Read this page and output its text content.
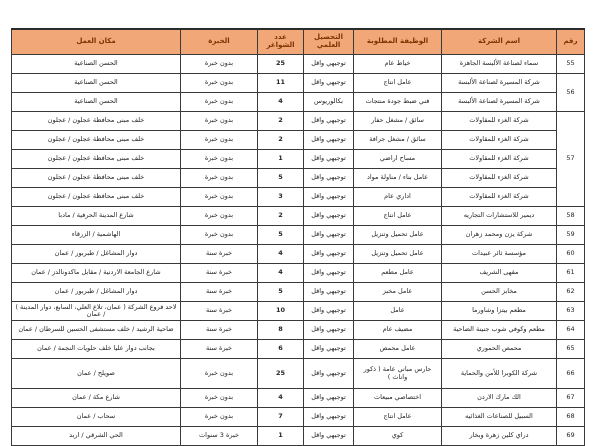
رقم	اسم الشركة	الوظيفة المطلوبة	التحصيل العلمي	عدد الشواغر	الخبرة	مكان العمل
55	سماء لصناعة الألبسة الجاهزة	خياط عام	توجيهي واقل	25	بدون خبرة	الحسن الصناعية
56	شركة المسيرة لصناعة الألبسة	عامل انتاج	توجيهي واقل	11	بدون خبرة	الحسن الصناعية
	شركة المسيرة لصناعة الألبسة	فني ضبط جودة منتجات	بكالوريوس	4	بدون خبرة	الحسن الصناعية
57	شركة الغزء للمقاولات	سائق / مشغل حفار	توجيهي واقل	2	بدون خبرة	خلف مبنى محافظة عجلون / عجلون
	شركة الغزء للمقاولات	سائق / مشغل جرافة	توجيهي واقل	2	بدون خبرة	خلف مبنى محافظة عجلون / عجلون
	شركة الغزء للمقاولات	مساح اراضي	توجيهي واقل	1	بدون خبرة	خلف مبنى محافظة عجلون / عجلون
	شركة الغزء للمقاولات	عامل بناء / مناولة مواد	توجيهي واقل	5	بدون خبرة	خلف مبنى محافظة عجلون / عجلون
	شركة الغزء للمقاولات	اداري عام	توجيهي واقل	3	بدون خبرة	خلف مبنى محافظة عجلون / عجلون
58	ديمير للاستشارات التجاريه	عامل انتاج	توجيهي واقل	2	بدون خبرة	شارع المدينة الحرفية / مادبا
59	شركة يزن ومحمد زهران	عامل تحميل وتنزيل	توجيهي واقل	5	بدون خبرة	الهاشمية / الزرقاء
60	مؤسسة ثائر عبيدات	عامل تحميل وتنزيل	توجيهي واقل	4	خبرة سنة	دوار المشاغل / طبربور / عمان
61	مقهى الشريف	عامل مطعم	توجيهي واقل	4	خبرة سنة	شارع الجامعة الاردنية / مقابل ماكدونالدز / عمان
62	مخابز الحسن	عامل مخبز	توجيهي واقل	5	خبرة سنة	دوار المشاغل / طبربور / عمان
63	مطعم بيتزا وشاورما	عامل	توجيهي واقل	10	خبرة سنة	لاحد فروع الشركة ( عمان، تلاع العلي، السابع، دوار المدينة ) / عمان
64	مطعم وكوفي شوب جنينة الضاحية	مضيف عام	توجيهي واقل	8	خبرة سنة	ضاحية الرشيد / خلف مستشفى الحسين للسرطان / عمان
65	محمص الحموري	عامل محمص	توجيهي واقل	6	خبرة سنة	بجانب دوار عليا خلف حلويات النجمة / عمان
66	شركة الكوبرا للأمن والحماية	حارس مباني عامة ( ذكور واناث )	توجيهي واقل	25	بدون خبرة	صويلح / عمان
67	الك مارك الاردن	اختصاصي مبيعات	توجيهي واقل	4	بدون خبرة	شارع مكة / عمان
68	السبيل للصناعات الغذائيه	عامل انتاج	توجيهي واقل	7	بدون خبرة	سحاب / عمان
69	دراي كلين زهرة وبخار	كوي	توجيهي واقل	1	خبرة 3 سنوات	الحي الشرقي / اربد
